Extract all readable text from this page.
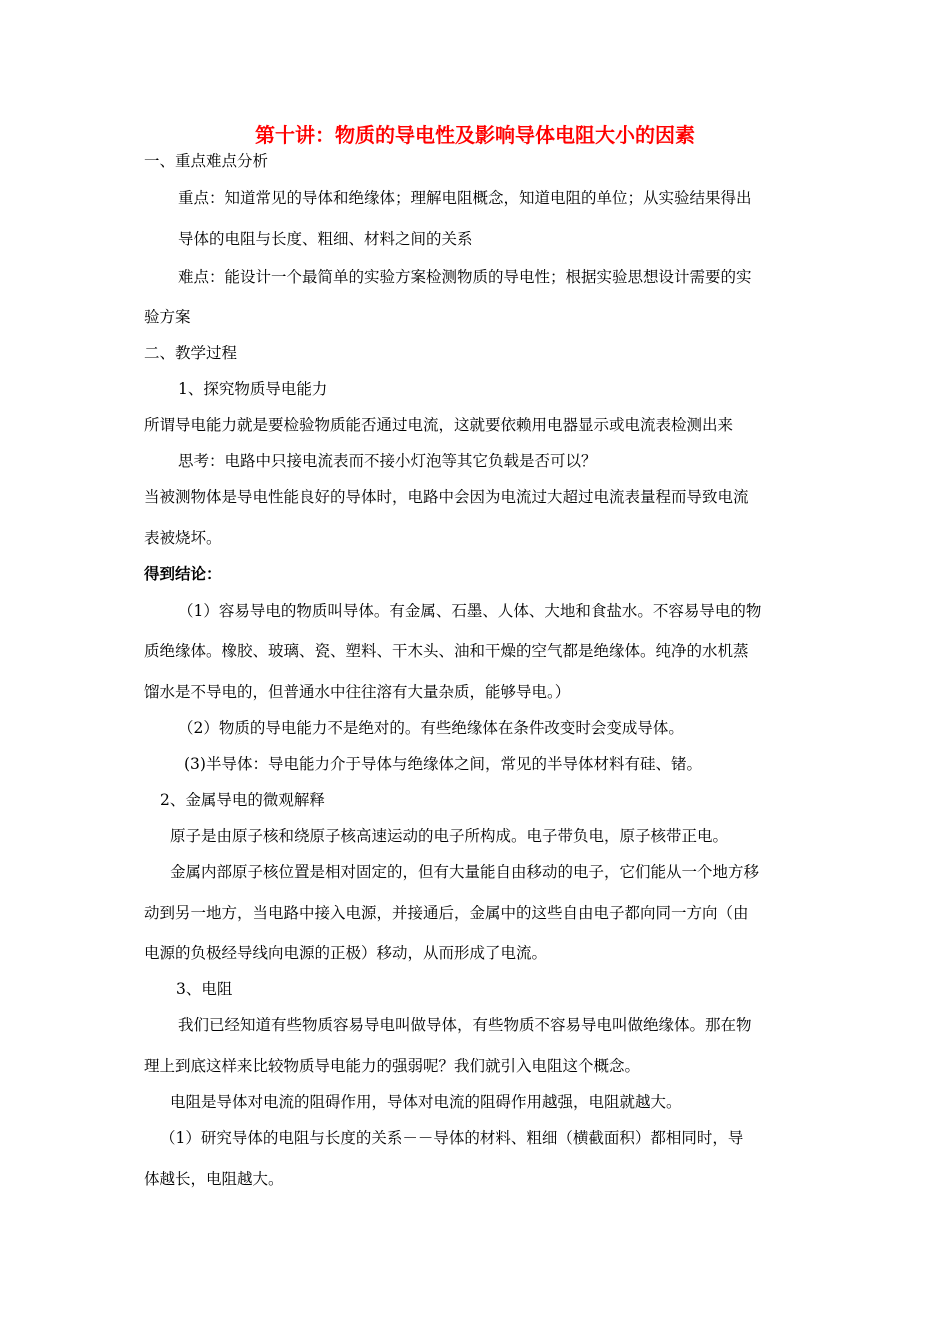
第十讲：物质的导电性及影响导体电阻大小的因素
一、重点难点分析
重点：知道常见的导体和绝缘体；理解电阻概念，知道电阻的单位；从实验结果得出
导体的电阻与长度、粗细、材料之间的关系
难点：能设计一个最简单的实验方案检测物质的导电性；根据实验思想设计需要的实
验方案
二、教学过程
1、探究物质导电能力
所谓导电能力就是要检验物质能否通过电流，这就要依赖用电器显示或电流表检测出来
思考：电路中只接电流表而不接小灯泡等其它负载是否可以？
当被测物体是导电性能良好的导体时，电路中会因为电流过大超过电流表量程而导致电流
表被烧坏。
得到结论：
（1）容易导电的物质叫导体。有金属、石墨、人体、大地和食盐水。不容易导电的物
质绝缘体。橡胶、玻璃、瓷、塑料、干木头、油和干燥的空气都是绝缘体。纯净的水机蒸
馏水是不导电的，但普通水中往往溶有大量杂质，能够导电。）
（2）物质的导电能力不是绝对的。有些绝缘体在条件改变时会变成导体。
(3)半导体：导电能力介于导体与绝缘体之间，常见的半导体材料有硅、锗。
2、金属导电的微观解释
原子是由原子核和绕原子核高速运动的电子所构成。电子带负电，原子核带正电。
金属内部原子核位置是相对固定的，但有大量能自由移动的电子，它们能从一个地方移
动到另一地方，当电路中接入电源，并接通后，金属中的这些自由电子都向同一方向（由
电源的负极经导线向电源的正极）移动，从而形成了电流。
3、电阻
我们已经知道有些物质容易导电叫做导体，有些物质不容易导电叫做绝缘体。那在物
理上到底这样来比较物质导电能力的强弱呢？我们就引入电阻这个概念。
电阻是导体对电流的阻碍作用，导体对电流的阻碍作用越强，电阻就越大。
（1）研究导体的电阻与长度的关系－－导体的材料、粗细（横截面积）都相同时，导
体越长，电阻越大。
